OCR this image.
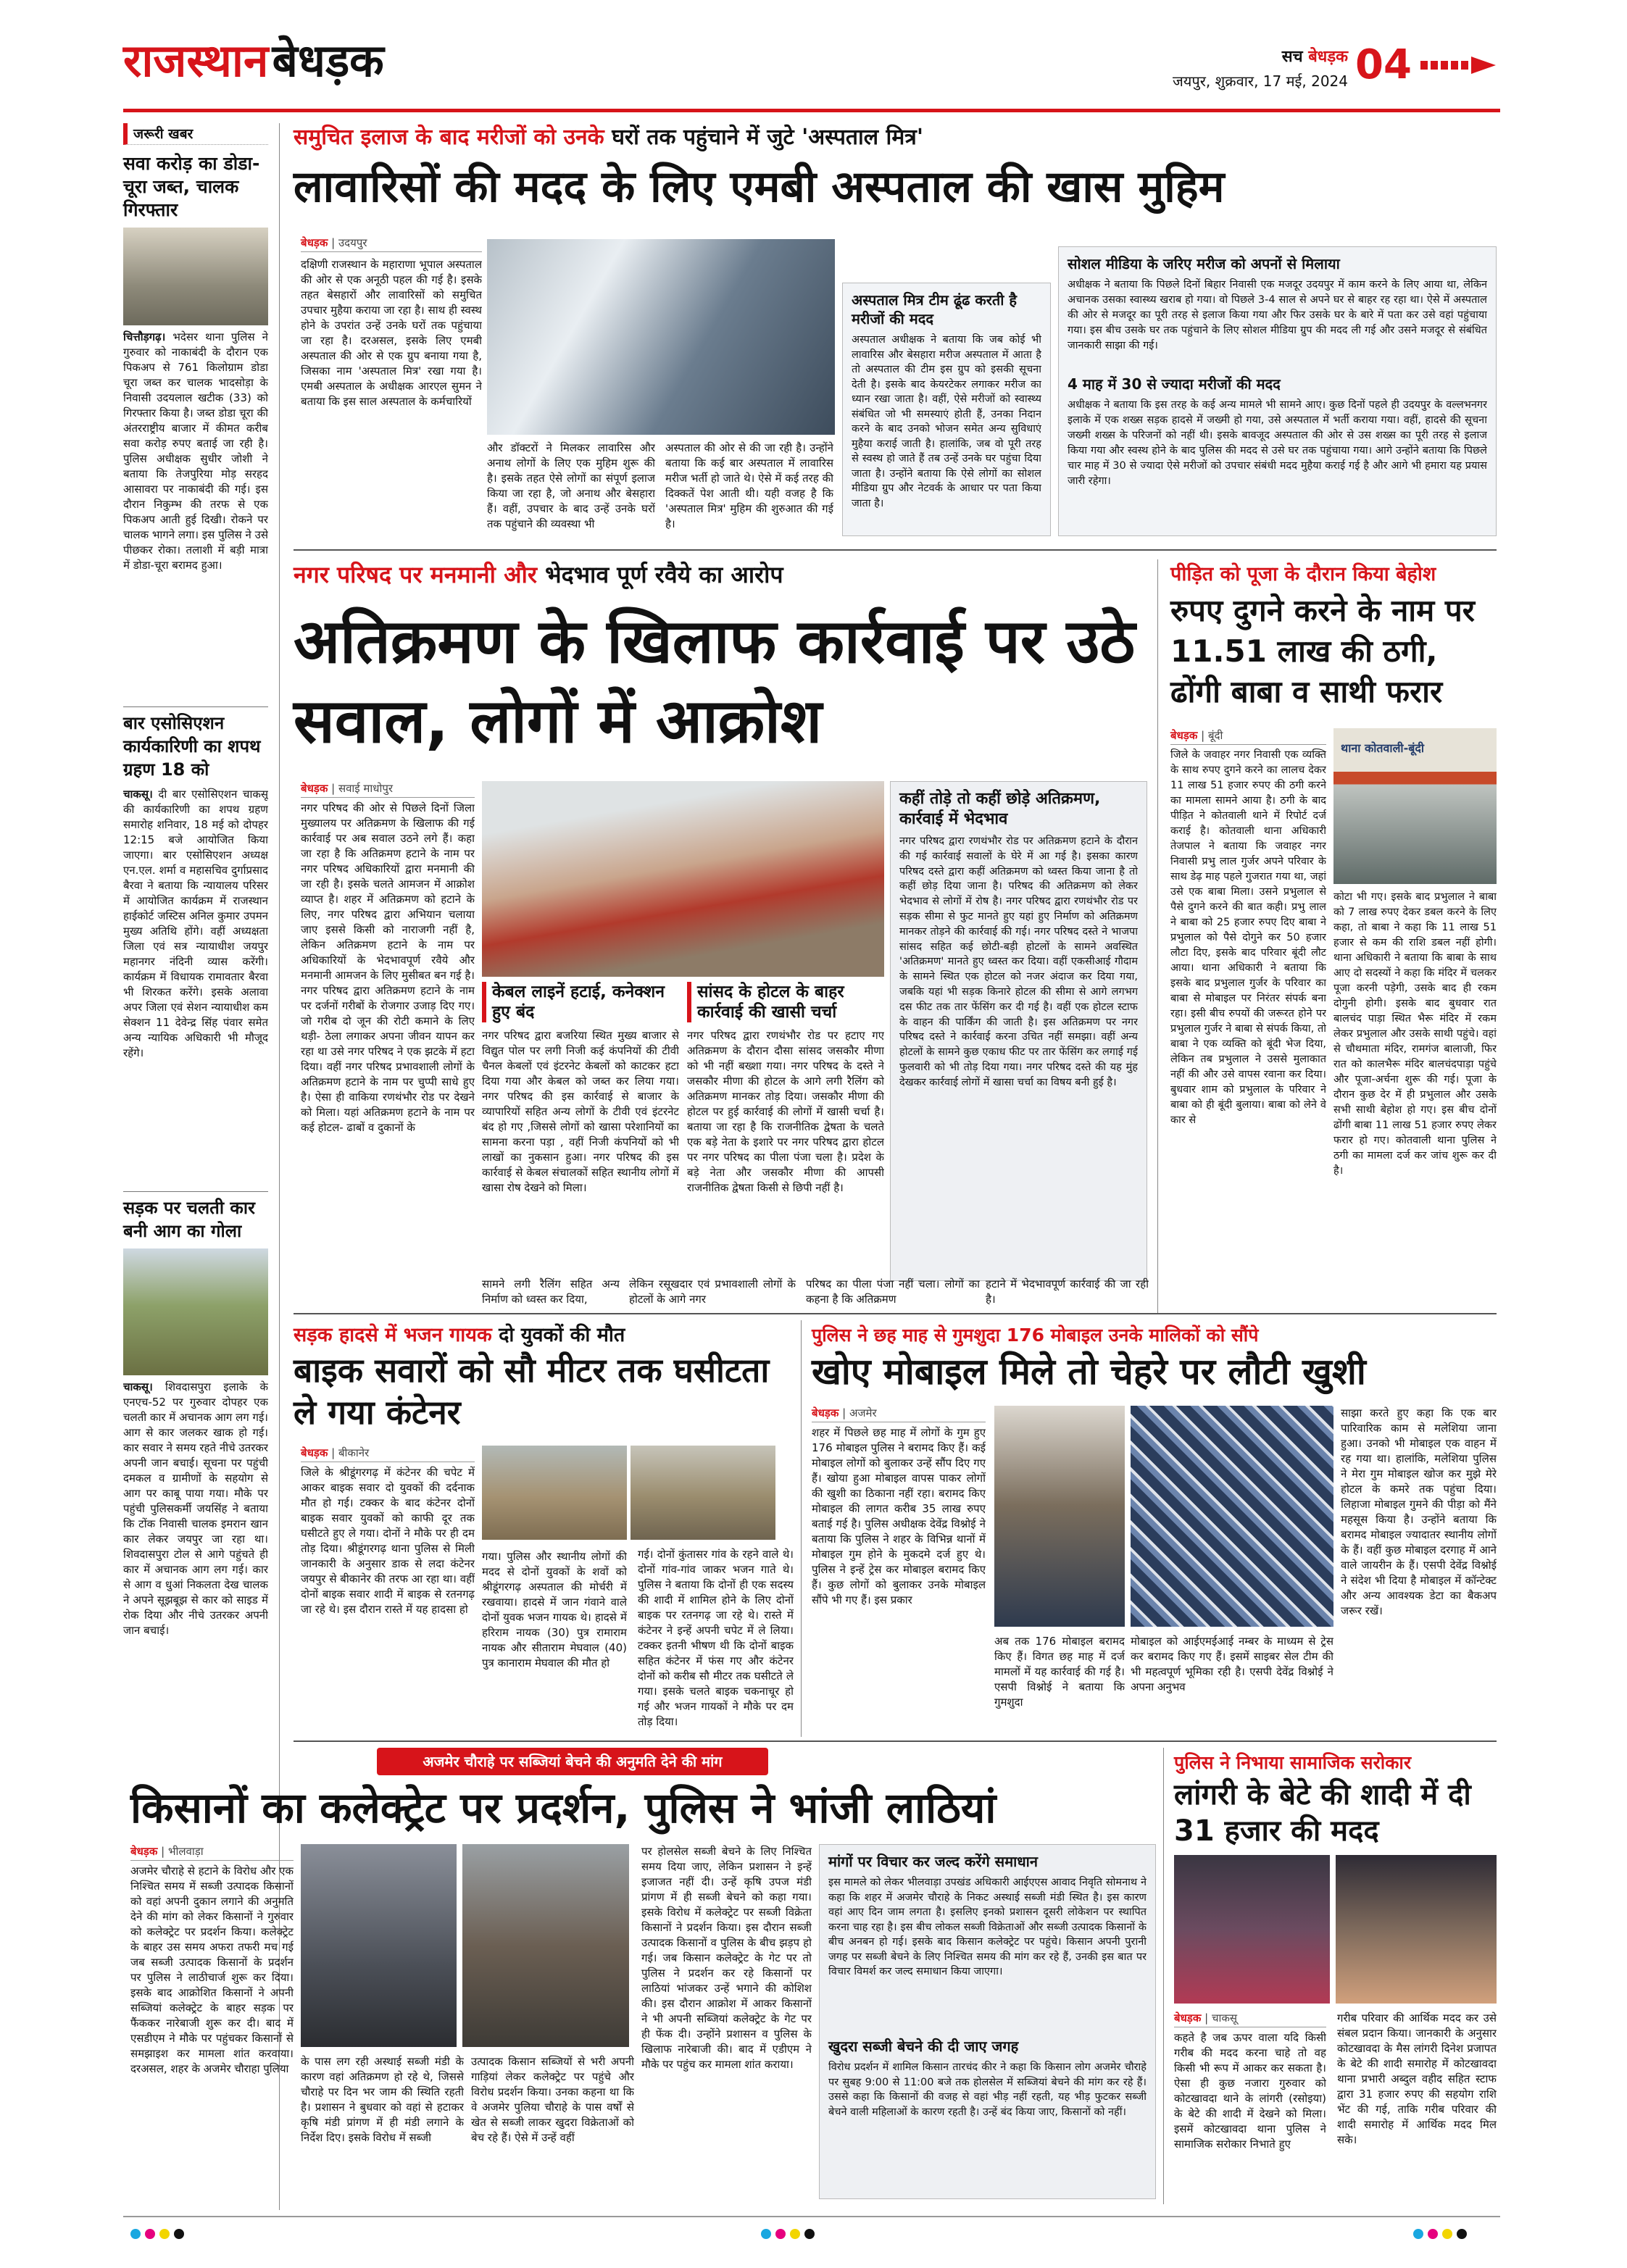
राजस्थान बेधड़क	सच बेधड़क
जयपुर, शुक्रवार, 17 मई, 2024 04
जरूरी खबर
सवा करोड़ का डोडा-चूरा जब्त, चालक गिरफ्तार
चित्तौड़गढ़। भदेसर थाना पुलिस ने गुरुवार को नाकाबंदी के दौरान एक पिकअप से 761 किलोग्राम डोडा चूरा जब्त कर चालक भादसोड़ा के निवासी उदयलाल खटीक (33) को गिरफ्तार किया है। जब्त डोडा चूरा की अंतरराष्ट्रीय बाजार में कीमत करीब सवा करोड़ रुपए बताई जा रही है। पुलिस अधीक्षक सुधीर जोशी ने बताया कि तेजपुरिया मोड़ सरहद आसावरा पर नाकाबंदी की गई। इस दौरान निकुम्भ की तरफ से एक पिकअप आती हुई दिखी। रोकने पर चालक भागने लगा। इस पुलिस ने उसे पीछकर रोका। तलाशी में बड़ी मात्रा में डोडा-चूरा बरामद हुआ।
बार एसोसिएशन कार्यकारिणी का शपथ ग्रहण 18 को
चाकसू। दी बार एसोसिएशन चाकसू की कार्यकारिणी का शपथ ग्रहण समारोह शनिवार, 18 मई को दोपहर 12:15 बजे आयोजित किया जाएगा। बार एसोसिएशन अध्यक्ष एन.एल. शर्मा व महासचिव दुर्गाप्रसाद बैरवा ने बताया कि न्यायालय परिसर में आयोजित कार्यक्रम में राजस्थान हाईकोर्ट जस्टिस अनिल कुमार उपमन मुख्य अतिथि होंगे। वहीं अध्यक्षता जिला एवं सत्र न्यायाधीश जयपुर महानगर नंदिनी व्यास करेंगी। कार्यक्रम में विधायक रामावतार बैरवा भी शिरकत करेंगे। इसके अलावा अपर जिला एवं सेशन न्यायाधीश कम सेक्शन 11 देवेन्द्र सिंह पंवार समेत अन्य न्यायिक अधिकारी भी मौजूद रहेंगे।
सड़क पर चलती कार बनी आग का गोला
चाकसू। शिवदासपुरा इलाके के एनएच-52 पर गुरुवार दोपहर एक चलती कार में अचानक आग लग गई। आग से कार जलकर खाक हो गई। कार सवार ने समय रहते नीचे उतरकर अपनी जान बचाई। सूचना पर पहुंची दमकल व ग्रामीणों के सहयोग से आग पर काबू पाया गया। मौके पर पहुंची पुलिसकर्मी जयसिंह ने बताया कि टोंक निवासी चालक इमरान खान कार लेकर जयपुर जा रहा था। शिवदासपुरा टोल से आगे पहुंचते ही कार में अचानक आग लग गई। कार से आग व धुआं निकलता देख चालक ने अपने सूझबूझ से कार को साइड में रोक दिया और नीचे उतरकर अपनी जान बचाई।
समुचित इलाज के बाद मरीजों को उनके घरों तक पहुंचाने में जुटे 'अस्पताल मित्र'
लावारिसों की मदद के लिए एमबी अस्पताल की खास मुहिम
बेधड़क | उदयपुर
दक्षिणी राजस्थान के महाराणा भूपाल अस्पताल की ओर से एक अनूठी पहल की गई है। इसके तहत बेसहारों और लावारिसों को समुचित उपचार मुहैया कराया जा रहा है। साथ ही स्वस्थ होने के उपरांत उन्हें उनके घरों तक पहुंचाया जा रहा है। दरअसल, इसके लिए एमबी अस्पताल की ओर से एक ग्रुप बनाया गया है, जिसका नाम 'अस्पताल मित्र' रखा गया है। एमबी अस्पताल के अधीक्षक आरएल सुमन ने बताया कि इस साल अस्पताल के कर्मचारियों
और डॉक्टरों ने मिलकर लावारिस और अनाथ लोगों के लिए एक मुहिम शुरू की है। इसके तहत ऐसे लोगों का संपूर्ण इलाज किया जा रहा है, जो अनाथ और बेसहारा हैं। वहीं, उपचार के बाद उन्हें उनके घरों तक पहुंचाने की व्यवस्था भी
अस्पताल की ओर से की जा रही है। उन्होंने बताया कि कई बार अस्पताल में लावारिस मरीज भर्ती हो जाते थे। ऐसे में कई तरह की दिक्कतें पेश आती थी। यही वजह है कि 'अस्पताल मित्र' मुहिम की शुरुआत की गई है।
अस्पताल मित्र टीम ढूंढ करती है मरीजों की मदद
अस्पताल अधीक्षक ने बताया कि जब कोई भी लावारिस और बेसहारा मरीज अस्पताल में आता है तो अस्पताल की टीम इस ग्रुप को इसकी सूचना देती है। इसके बाद केयरटेकर लगाकर मरीज का ध्यान रखा जाता है। वहीं, ऐसे मरीजों को स्वास्थ्य संबंधित जो भी समस्याएं होती हैं, उनका निदान करने के बाद उनको भोजन समेत अन्य सुविधाएं मुहैया कराई जाती है। हालांकि, जब वो पूरी तरह से स्वस्थ हो जाते हैं तब उन्हें उनके घर पहुंचा दिया जाता है। उन्होंने बताया कि ऐसे लोगों का सोशल मीडिया ग्रुप और नेटवर्क के आधार पर पता किया जाता है।
सोशल मीडिया के जरिए मरीज को अपनों से मिलाया
अधीक्षक ने बताया कि पिछले दिनों बिहार निवासी एक मजदूर उदयपुर में काम करने के लिए आया था, लेकिन अचानक उसका स्वास्थ्य खराब हो गया। वो पिछले 3-4 साल से अपने घर से बाहर रह रहा था। ऐसे में अस्पताल की ओर से मजदूर का पूरी तरह से इलाज किया गया और फिर उसके घर के बारे में पता कर उसे वहां पहुंचाया गया। इस बीच उसके घर तक पहुंचाने के लिए सोशल मीडिया ग्रुप की मदद ली गई और उसने मजदूर से संबंधित जानकारी साझा की गई।
4 माह में 30 से ज्यादा मरीजों की मदद
अधीक्षक ने बताया कि इस तरह के कई अन्य मामले भी सामने आए। कुछ दिनों पहले ही उदयपुर के वल्लभनगर इलाके में एक शख्स सड़क हादसे में जख्मी हो गया, उसे अस्पताल में भर्ती कराया गया। वहीं, हादसे की सूचना जख्मी शख्स के परिजनों को नहीं थी। इसके बावजूद अस्पताल की ओर से उस शख्स का पूरी तरह से इलाज किया गया और स्वस्थ होने के बाद पुलिस की मदद से उसे घर तक पहुंचाया गया। आगे उन्होंने बताया कि पिछले चार माह में 30 से ज्यादा ऐसे मरीजों को उपचार संबंधी मदद मुहैया कराई गई है और आगे भी हमारा यह प्रयास जारी रहेगा।
नगर परिषद पर मनमानी और भेदभाव पूर्ण रवैये का आरोप
अतिक्रमण के खिलाफ कार्रवाई पर उठे सवाल, लोगों में आक्रोश
बेधड़क | सवाई माधोपुर
नगर परिषद की ओर से पिछले दिनों जिला मुख्यालय पर अतिक्रमण के खिलाफ की गई कार्रवाई पर अब सवाल उठने लगे हैं। कहा जा रहा है कि अतिक्रमण हटाने के नाम पर नगर परिषद अधिकारियों द्वारा मनमानी की जा रही है। इसके चलते आमजन में आक्रोश व्याप्त है। शहर में अतिक्रमण को हटाने के लिए, नगर परिषद द्वारा अभियान चलाया जाए इससे किसी को नाराजगी नहीं है, लेकिन अतिक्रमण हटाने के नाम पर अधिकारियों के भेदभावपूर्ण रवैये और मनमानी आमजन के लिए मुसीबत बन गई है। नगर परिषद द्वारा अतिक्रमण हटाने के नाम पर दर्जनों गरीबों के रोजगार उजाड़ दिए गए। जो गरीब दो जून की रोटी कमाने के लिए थड़ी- ठेला लगाकर अपना जीवन यापन कर रहा था उसे नगर परिषद ने एक झटके में हटा दिया। वहीं नगर परिषद प्रभावशाली लोगों के अतिक्रमण हटाने के नाम पर चुप्पी साधे हुए है। ऐसा ही वाकिया रणथंभौर रोड पर देखने को मिला। यहां अतिक्रमण हटाने के नाम पर कई होटल- ढाबों व दुकानों के
कहीं तोड़े तो कहीं छोड़े अतिक्रमण, कार्रवाई में भेदभाव
नगर परिषद द्वारा रणथंभौर रोड पर अतिक्रमण हटाने के दौरान की गई कार्रवाई सवालों के घेरे में आ गई है। इसका कारण परिषद दस्ते द्वारा कहीं अतिक्रमण को ध्वस्त किया जाना है तो कहीं छोड़ दिया जाना है। परिषद की अतिक्रमण को लेकर भेदभाव से लोगों में रोष है। नगर परिषद द्वारा रणथंभौर रोड पर सड़क सीमा से फुट मानते हुए यहां हुए निर्माण को अतिक्रमण मानकर तोड़ने की कार्रवाई की गई। नगर परिषद दस्ते ने भाजपा सांसद सहित कई छोटी-बड़ी होटलों के सामने अवस्थित 'अतिक्रमण' मानते हुए ध्वस्त कर दिया। वहीं एकसीआई गौदाम के सामने स्थित एक होटल को नजर अंदाज कर दिया गया, जबकि यहां भी सड़क किनारे होटल की सीमा से आगे लगभग दस फीट तक तार फेंसिंग कर दी गई है। वहीं एक होटल स्टाफ के वाहन की पार्किंग की जाती है। इस अतिक्रमण पर नगर परिषद दस्ते ने कार्रवाई करना उचित नहीं समझा। वहीं अन्य होटलों के सामने कुछ एकाध फीट पर तार फेंसिंग कर लगाई गई फुलवारी को भी तोड़ दिया गया। नगर परिषद दस्ते की यह मुंह देखकर कार्रवाई लोगों में खासा चर्चा का विषय बनी हुई है।
केबल लाइनें हटाई, कनेक्शन हुए बंद
नगर परिषद द्वारा बजरिया स्थित मुख्य बाजार से विद्युत पोल पर लगी निजी कई कंपनियों की टीवी चैनल केबलों एवं इंटरनेट केबलों को काटकर हटा दिया गया और केबल को जब्त कर लिया गया। नगर परिषद की इस कार्रवाई से बाजार के व्यापारियों सहित अन्य लोगों के टीवी एवं इंटरनेट बंद हो गए ,जिससे लोगों को खासा परेशानियों का सामना करना पड़ा , वहीं निजी कंपनियों को भी लाखों का नुकसान हुआ। नगर परिषद की इस कार्रवाई से केबल संचालकों सहित स्थानीय लोगों में खासा रोष देखने को मिला।
सांसद के होटल के बाहर कार्रवाई की खासी चर्चा
नगर परिषद द्वारा रणथंभौर रोड पर हटाए गए अतिक्रमण के दौरान दौसा सांसद जसकौर मीणा को भी नहीं बख्शा गया। नगर परिषद के दस्ते ने जसकौर मीणा की होटल के आगे लगी रैलिंग को अतिक्रमण मानकर तोड़ दिया। जसकौर मीणा की होटल पर हुई कार्रवाई की लोगों में खासी चर्चा है। बताया जा रहा है कि राजनीतिक द्वेषता के चलते एक बड़े नेता के इशारे पर नगर परिषद द्वारा होटल पर नगर परिषद का पीला पंजा चला है। प्रदेश के बड़े नेता और जसकौर मीणा की आपसी राजनीतिक द्वेषता किसी से छिपी नहीं है।
सामने लगी रैलिंग सहित अन्य निर्माण को ध्वस्त कर दिया,
लेकिन रसूखदार एवं प्रभावशाली लोगों के होटलों के आगे नगर
परिषद का पीला पंजा नहीं चला। लोगों का कहना है कि अतिक्रमण
हटाने में भेदभावपूर्ण कार्रवाई की जा रही है।
पीड़ित को पूजा के दौरान किया बेहोश
रुपए दुगने करने के नाम पर 11.51 लाख की ठगी, ढोंगी बाबा व साथी फरार
बेधड़क | बूंदी
जिले के जवाहर नगर निवासी एक व्यक्ति के साथ रुपए दुगने करने का लालच देकर 11 लाख 51 हजार रुपए की ठगी करने का मामला सामने आया है। ठगी के बाद पीड़ित ने कोतवाली थाने में रिपोर्ट दर्ज कराई है। कोतवाली थाना अधिकारी तेजपाल ने बताया कि जवाहर नगर निवासी प्रभु लाल गुर्जर अपने परिवार के साथ डेढ़ माह पहले गुजरात गया था, जहां उसे एक बाबा मिला। उसने प्रभुलाल से पैसे दुगने करने की बात कही। प्रभु लाल ने बाबा को 25 हजार रुपए दिए बाबा ने प्रभुलाल को पैसे दोगुने कर 50 हजार लौटा दिए, इसके बाद परिवार बूंदी लौट आया। थाना अधिकारी ने बताया कि इसके बाद प्रभुलाल गुर्जर के परिवार का बाबा से मोबाइल पर निरंतर संपर्क बना रहा। इसी बीच रुपयों की जरूरत होने पर प्रभुलाल गुर्जर ने बाबा से संपर्क किया, तो बाबा ने एक व्यक्ति को बूंदी भेज दिया, लेकिन तब प्रभुलाल ने उससे मुलाकात नहीं की और उसे वापस रवाना कर दिया। बुधवार शाम को प्रभुलाल के परिवार ने बाबा को ही बूंदी बुलाया। बाबा को लेने वे कार से
थाना कोतवाली-बूंदी
कोटा भी गए। इसके बाद प्रभुलाल ने बाबा को 7 लाख रुपए देकर डबल करने के लिए कहा, तो बाबा ने कहा कि 11 लाख 51 हजार से कम की राशि डबल नहीं होगी। थाना अधिकारी ने बताया कि बाबा के साथ आए दो सदस्यों ने कहा कि मंदिर में चलकर पूजा करनी पड़ेगी, उसके बाद ही रकम दोगुनी होगी। इसके बाद बुधवार रात बालचंद पाड़ा स्थित भैरू मंदिर में रकम लेकर प्रभुलाल और उसके साथी पहुंचे। वहां से चौथमाता मंदिर, रामगंज बालाजी, फिर रात को कालभैरू मंदिर बालचंदपाड़ा पहुंचे और पूजा-अर्चना शुरू की गई। पूजा के दौरान कुछ देर में ही प्रभुलाल और उसके सभी साथी बेहोश हो गए। इस बीच दोनों ढोंगी बाबा 11 लाख 51 हजार रुपए लेकर फरार हो गए। कोतवाली थाना पुलिस ने ठगी का मामला दर्ज कर जांच शुरू कर दी है।
सड़क हादसे में भजन गायक दो युवकों की मौत
बाइक सवारों को सौ मीटर तक घसीटता ले गया कंटेनर
बेधड़क | बीकानेर
जिले के श्रीडूंगरगढ़ में कंटेनर की चपेट में आकर बाइक सवार दो युवकों की दर्दनाक मौत हो गई। टक्कर के बाद कंटेनर दोनों बाइक सवार युवकों को काफी दूर तक घसीटते हुए ले गया। दोनों ने मौके पर ही दम तोड़ दिया। श्रीडूंगरगढ़ थाना पुलिस से मिली जानकारी के अनुसार डाक से लदा कंटेनर जयपुर से बीकानेर की तरफ आ रहा था। वहीं दोनों बाइक सवार शादी में बाइक से रतनगढ़ जा रहे थे। इस दौरान रास्ते में यह हादसा हो
गया। पुलिस और स्थानीय लोगों की मदद से दोनों युवकों के शवों को श्रीडूंगरगढ़ अस्पताल की मोर्चरी में रखवाया। हादसे में जान गंवाने वाले दोनों युवक भजन गायक थे। हादसे में हरिराम नायक (30) पुत्र रामाराम नायक और सीताराम मेघवाल (40) पुत्र कानाराम मेघवाल की मौत हो
गई। दोनों कुंतासर गांव के रहने वाले थे। दोनों गांव-गांव जाकर भजन गाते थे। पुलिस ने बताया कि दोनों ही एक सदस्य की शादी में शामिल होने के लिए दोनों बाइक पर रतनगढ़ जा रहे थे। रास्ते में कंटेनर ने इन्हें अपनी चपेट में ले लिया। टक्कर इतनी भीषण थी कि दोनों बाइक सहित कंटेनर में फंस गए और कंटेनर दोनों को करीब सौ मीटर तक घसीटते ले गया। इसके चलते बाइक चकनाचूर हो गई और भजन गायकों ने मौके पर दम तोड़ दिया।
पुलिस ने छह माह से गुमशुदा 176 मोबाइल उनके मालिकों को सौंपे
खोए मोबाइल मिले तो चेहरे पर लौटी खुशी
बेधड़क | अजमेर
शहर में पिछले छह माह में लोगों के गुम हुए 176 मोबाइल पुलिस ने बरामद किए हैं। कई मोबाइल लोगों को बुलाकर उन्हें सौंप दिए गए हैं। खोया हुआ मोबाइल वापस पाकर लोगों की खुशी का ठिकाना नहीं रहा। बरामद किए मोबाइल की लागत करीब 35 लाख रुपए बताई गई है। पुलिस अधीक्षक देवेंद्र विश्नोई ने बताया कि पुलिस ने शहर के विभिन्न थानों में मोबाइल गुम होने के मुकदमे दर्ज हुए थे। पुलिस ने इन्हें ट्रेस कर मोबाइल बरामद किए हैं। कुछ लोगों को बुलाकर उनके मोबाइल सौंपे भी गए हैं। इस प्रकार
अब तक 176 मोबाइल बरामद किए हैं। विगत छह माह में दर्ज मामलों में यह कार्रवाई की गई है। एसपी विश्नोई ने बताया कि गुमशुदा
मोबाइल को आईएमईआई नम्बर के माध्यम से ट्रेस कर बरामद किए गए हैं। इसमें साइबर सेल टीम की भी महत्वपूर्ण भूमिका रही है। एसपी देवेंद्र विश्नोई ने अपना अनुभव
साझा करते हुए कहा कि एक बार पारिवारिक काम से मलेशिया जाना हुआ। उनको भी मोबाइल एक वाहन में रह गया था। हालांकि, मलेशिया पुलिस ने मेरा गुम मोबाइल खोज कर मुझे मेरे होटल के कमरे तक पहुंचा दिया। लिहाजा मोबाइल गुमने की पीड़ा को मैंने महसूस किया है। उन्होंने बताया कि बरामद मोबाइल ज्यादातर स्थानीय लोगों के हैं। वहीं कुछ मोबाइल दरगाह में आने वाले जायरीन के हैं। एसपी देवेंद्र विश्नोई ने संदेश भी दिया है मोबाइल में कॉन्टेक्ट और अन्य आवश्यक डेटा का बैकअप जरूर रखें।
अजमेर चौराहे पर सब्जियां बेचने की अनुमति देने की मांग
किसानों का कलेक्ट्रेट पर प्रदर्शन, पुलिस ने भांजी लाठियां
बेधड़क | भीलवाड़ा
अजमेर चौराहे से हटाने के विरोध और एक निश्चित समय में सब्जी उत्पादक किसानों को वहां अपनी दुकान लगाने की अनुमति देने की मांग को लेकर किसानों ने गुरुवार को कलेक्ट्रेट पर प्रदर्शन किया। कलेक्ट्रेट के बाहर उस समय अफरा तफरी मच गई जब सब्जी उत्पादक किसानों के प्रदर्शन पर पुलिस ने लाठीचार्ज शुरू कर दिया। इसके बाद आक्रोशित किसानों ने अपनी सब्जियां कलेक्ट्रेट के बाहर सड़क पर फैंककर नारेबाजी शुरू कर दी। बाद में एसडीएम ने मौके पर पहुंचकर किसानों से समझाइश कर मामला शांत करवाया। दरअसल, शहर के अजमेर चौराहा पुलिया
के पास लग रही अस्थाई सब्जी मंडी के कारण वहां अतिक्रमण हो रहे थे, जिससे चौराहे पर दिन भर जाम की स्थिति रहती है। प्रशासन ने बुधवार को वहां से हटाकर कृषि मंडी प्रांगण में ही मंडी लगाने के निर्देश दिए। इसके विरोध में सब्जी
उत्पादक किसान सब्जियों से भरी अपनी गाड़ियां लेकर कलेक्ट्रेट पर पहुंचे और विरोध प्रदर्शन किया। उनका कहना था कि वे अजमेर पुलिया चौराहे के पास वर्षों से खेत से सब्जी लाकर खुदरा विक्रेताओं को बेच रहे हैं। ऐसे में उन्हें वहीं
पर होलसेल सब्जी बेचने के लिए निश्चित समय दिया जाए, लेकिन प्रशासन ने इन्हें इजाजत नहीं दी। उन्हें कृषि उपज मंडी प्रांगण में ही सब्जी बेचने को कहा गया। इसके विरोध में कलेक्ट्रेट पर सब्जी विक्रेता किसानों ने प्रदर्शन किया। इस दौरान सब्जी उत्पादक किसानों व पुलिस के बीच झड़प हो गई। जब किसान कलेक्ट्रेट के गेट पर तो पुलिस ने प्रदर्शन कर रहे किसानों पर लाठियां भांजकर उन्हें भगाने की कोशिश की। इस दौरान आक्रोश में आकर किसानों ने भी अपनी सब्जियां कलेक्ट्रेट के गेट पर ही फेंक दी। उन्होंने प्रशासन व पुलिस के खिलाफ नारेबाजी की। बाद में एडीएम ने मौके पर पहुंच कर मामला शांत कराया।
मांगों पर विचार कर जल्द करेंगे समाधान
इस मामले को लेकर भीलवाड़ा उपखंड अधिकारी आईएएस आवाद निवृति सोमनाथ ने कहा कि शहर में अजमेर चौराहे के निकट अस्थाई सब्जी मंडी स्थित है। इस कारण वहां आए दिन जाम लगता है। इसलिए इनको प्रशासन दूसरी लोकेशन पर स्थापित करना चाह रहा है। इस बीच लोकल सब्जी विक्रेताओं और सब्जी उत्पादक किसानों के बीच अनबन हो गई। इसके बाद किसान कलेक्ट्रेट पर पहुंचे। किसान अपनी पुरानी जगह पर सब्जी बेचने के लिए निश्चित समय की मांग कर रहे हैं, उनकी इस बात पर विचार विमर्श कर जल्द समाधान किया जाएगा।
खुदरा सब्जी बेचने की दी जाए जगह
विरोध प्रदर्शन में शामिल किसान तारचंद कीर ने कहा कि किसान लोग अजमेर चौराहे पर सुबह 9:00 से 11:00 बजे तक होलसेल में सब्जियां बेचने की मांग कर रहे हैं। उससे कहा कि किसानों की वजह से वहां भीड़ नहीं रहती, यह भीड़ फुटकर सब्जी बेचने वाली महिलाओं के कारण रहती है। उन्हें बंद किया जाए, किसानों को नहीं।
पुलिस ने निभाया सामाजिक सरोकार
लांगरी के बेटे की शादी में दी 31 हजार की मदद
बेधड़क | चाकसू
कहते है जब ऊपर वाला यदि किसी गरीब की मदद करना चाहे तो वह किसी भी रूप में आकर कर सकता है। ऐसा ही कुछ नजारा गुरुवार को कोटखावदा थाने के लांगरी (रसोइया) के बेटे की शादी में देखने को मिला। इसमें कोटखावदा थाना पुलिस ने सामाजिक सरोकार निभाते हुए
गरीब परिवार की आर्थिक मदद कर उसे संबल प्रदान किया। जानकारी के अनुसार कोटखावदा के मैस लांगरी दिनेश प्रजापत के बेटे की शादी समारोह में कोटखावदा थाना प्रभारी अब्दुल वहीद सहित स्टाफ द्वारा 31 हजार रुपए की सहयोग राशि भेंट की गई, ताकि गरीब परिवार की शादी समारोह में आर्थिक मदद मिल सके।
